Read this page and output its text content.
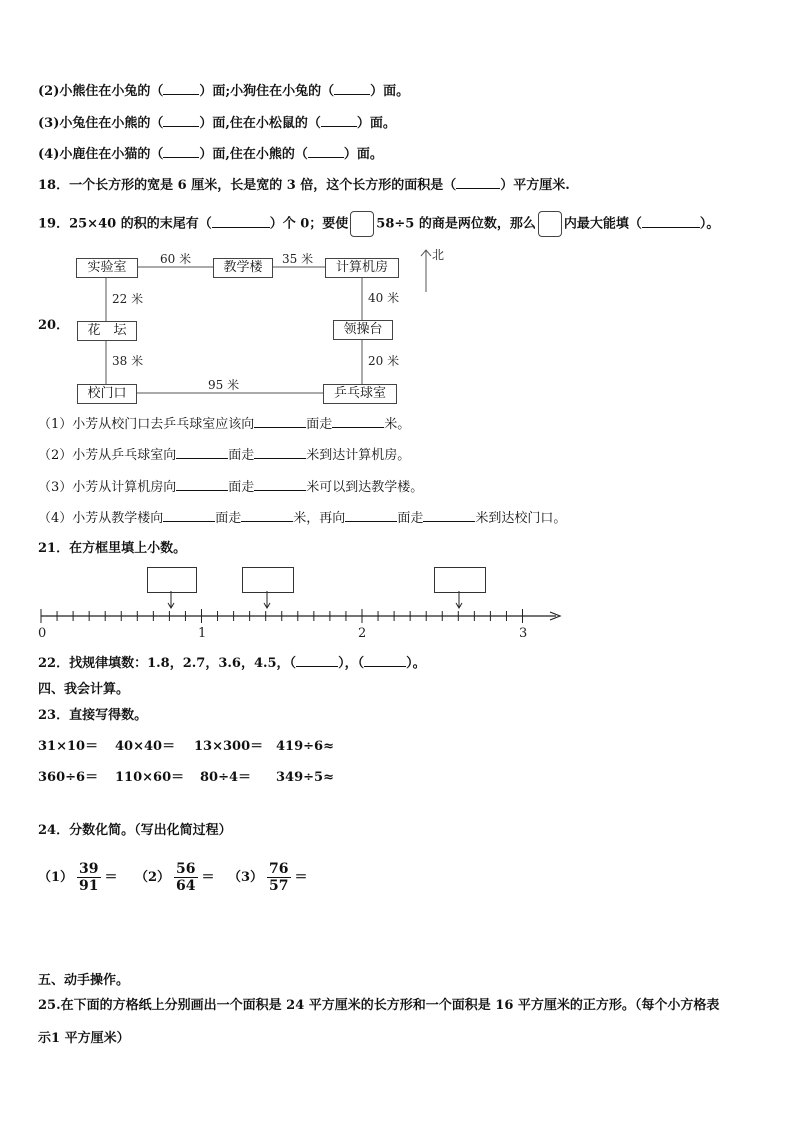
(2)小熊住在小兔的（	）面;小狗住在小兔的（	）面。
(3)小兔住在小熊的（	）面,住在小松鼠的（	）面。
(4)小鹿住在小猫的（	）面,住在小熊的（	）面。
18．一个长方形的宽是 6 厘米，长是宽的 3 倍，这个长方形的面积是（	）平方厘米.
19．25×40 的积的末尾有（	）个 0；要使 58÷5 的商是两位数，那么 内最大能填（	）。
20．
实验室	教学楼	计算机房
花　坛	领操台
校门口	乒乓球室
60 米	35 米
22 米	40 米
38 米	20 米
95 米
北
（1）小芳从校门口去乒乓球室应该向	面走	米。
（2）小芳从乒乓球室向	面走	米到达计算机房。
（3）小芳从计算机房向	面走	米可以到达教学楼。
（4）小芳从教学楼向	面走	米，再向	面走	米到达校门口。
21．在方框里填上小数。
0	1	2	3
22．找规律填数：1.8，2.7，3.6，4.5，（	），（	）。
四、我会计算。
23．直接写得数。
31×10＝ 40×40＝ 13×300＝ 419÷6≈
360÷6＝ 110×60＝ 80÷4＝ 349÷5≈
24．分数化简。（写出化简过程）
$(1) \frac{39}{91} = (2) \frac{56}{64} = (3) \frac{76}{57}$ ＝
五、动手操作。
25.在下面的方格纸上分别画出一个面积是 24 平方厘米的长方形和一个面积是 16 平方厘米的正方形。（每个小方格表
示1 平方厘米）
